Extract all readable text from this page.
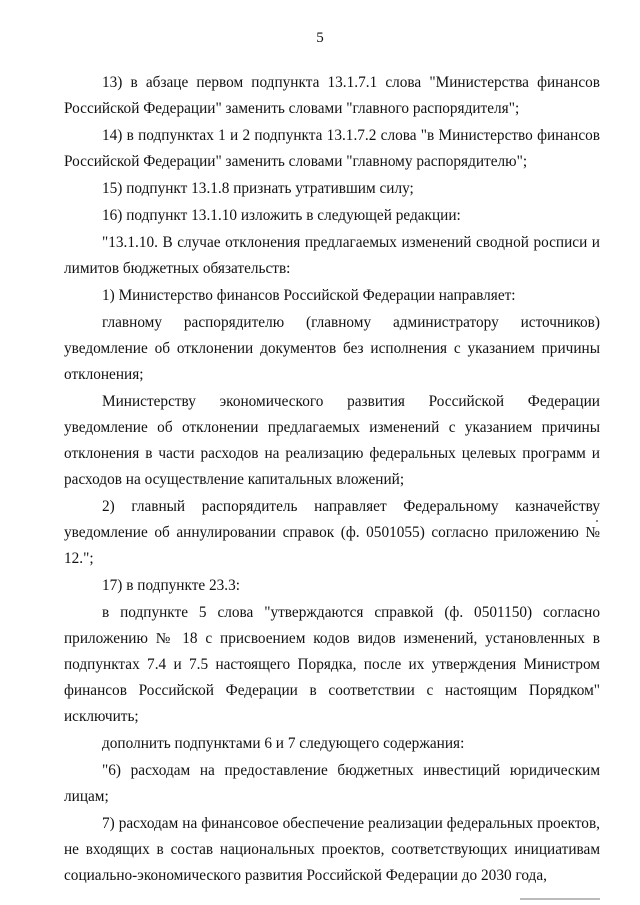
5

13) в абзаце первом подпункта 13.1.7.1 слова "Министерства финансов Российской Федерации" заменить словами "главного распорядителя";

14) в подпунктах 1 и 2 подпункта 13.1.7.2 слова "в Министерство финансов Российской Федерации" заменить словами "главному распорядителю";

15) подпункт 13.1.8 признать утратившим силу;

16) подпункт 13.1.10 изложить в следующей редакции:

"13.1.10. В случае отклонения предлагаемых изменений сводной росписи и лимитов бюджетных обязательств:

1) Министерство финансов Российской Федерации направляет:

главному распорядителю (главному администратору источников) уведомление об отклонении документов без исполнения с указанием причины отклонения;

Министерству экономического развития Российской Федерации уведомление об отклонении предлагаемых изменений с указанием причины отклонения в части расходов на реализацию федеральных целевых программ и расходов на осуществление капитальных вложений;

2) главный распорядитель направляет Федеральному казначейству уведомление об аннулировании справок (ф. 0501055) согласно приложению № 12.";

17) в подпункте 23.3:

в подпункте 5 слова "утверждаются справкой (ф. 0501150) согласно приложению № 18 с присвоением кодов видов изменений, установленных в подпунктах 7.4 и 7.5 настоящего Порядка, после их утверждения Министром финансов Российской Федерации в соответствии с настоящим Порядком" исключить;

дополнить подпунктами 6 и 7 следующего содержания:

"6) расходам на предоставление бюджетных инвестиций юридическим лицам;

7) расходам на финансовое обеспечение реализации федеральных проектов, не входящих в состав национальных проектов, соответствующих инициативам социально-экономического развития Российской Федерации до 2030 года,
